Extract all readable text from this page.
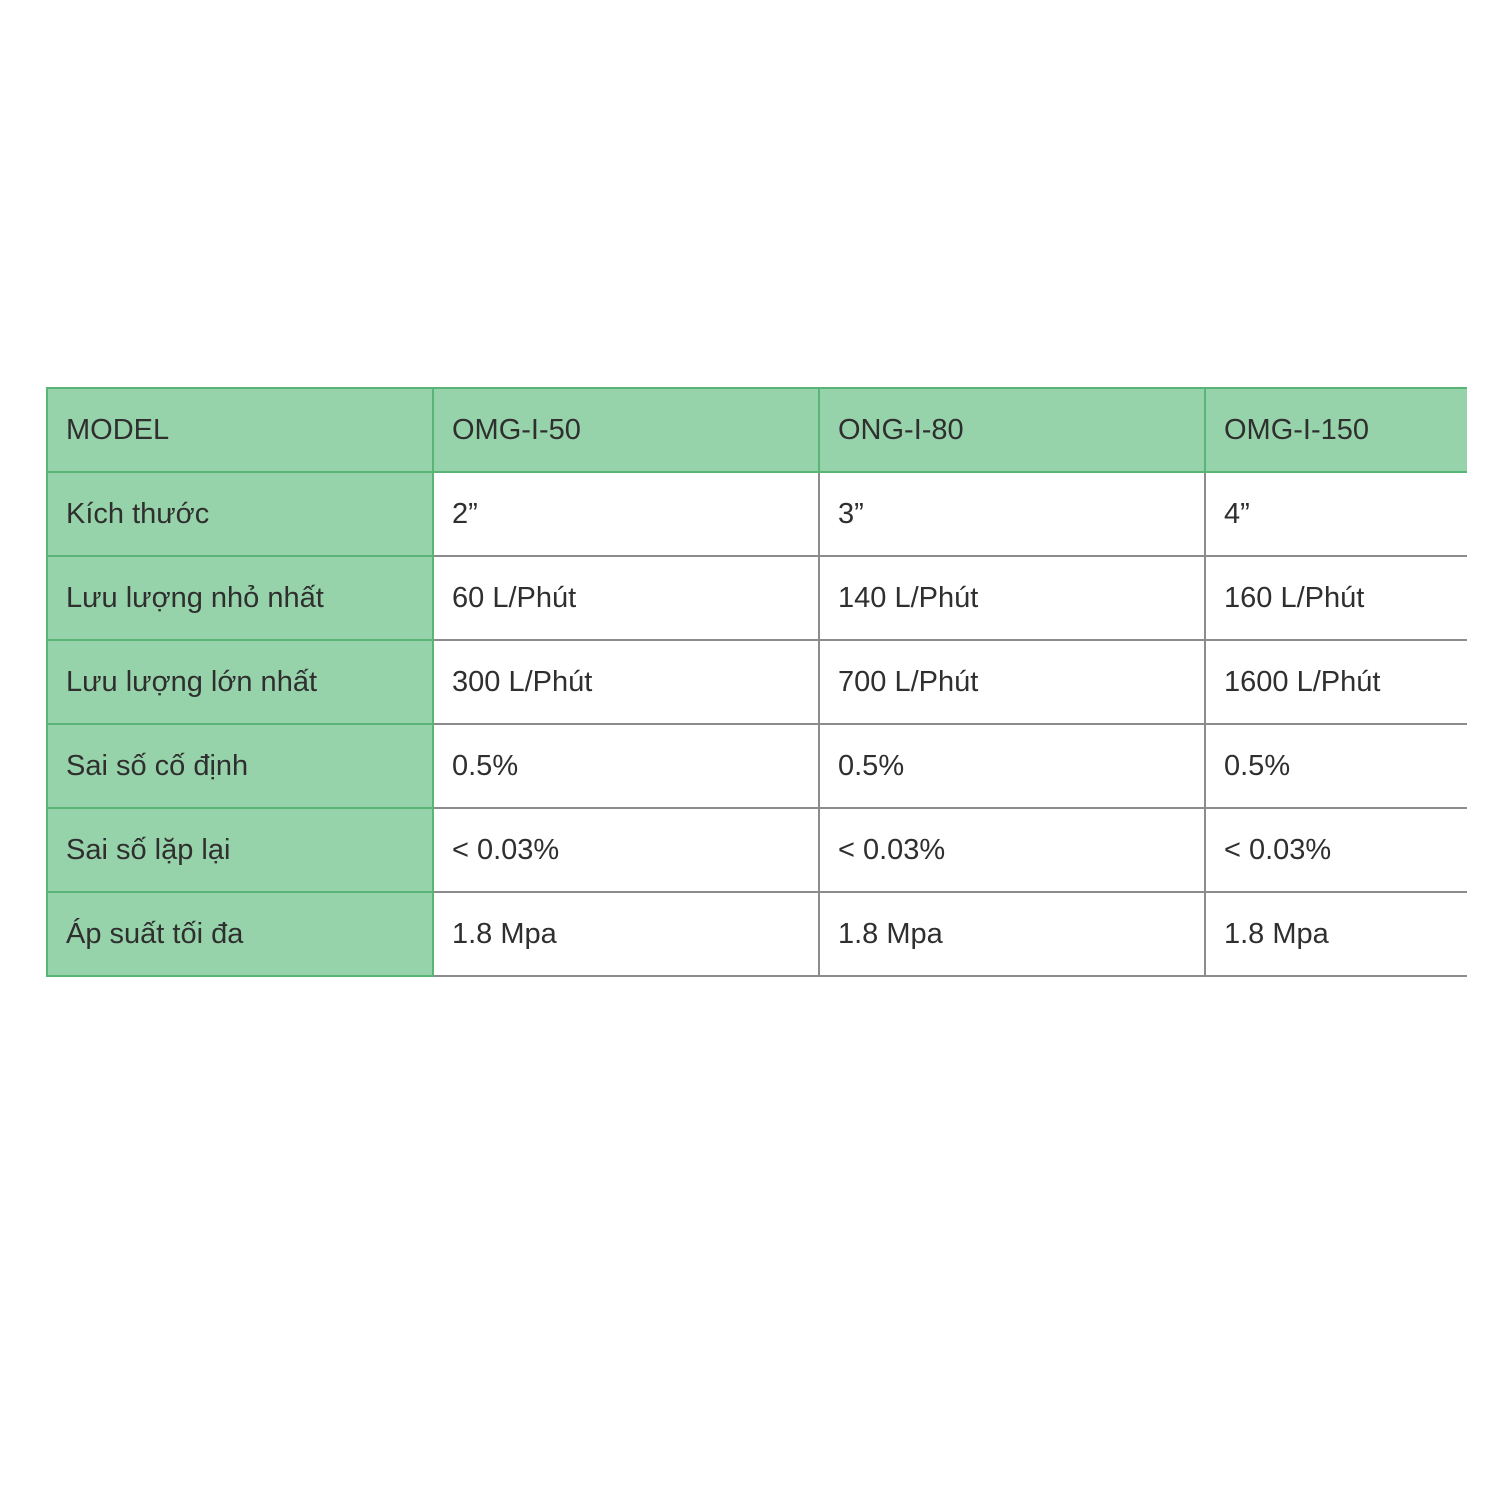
MODEL	OMG-I-50	ONG-I-80	OMG-I-150
Kích thước	2”	3”	4”
Lưu lượng nhỏ nhất	60 L/Phút	140 L/Phút	160 L/Phút
Lưu lượng lớn nhất	300 L/Phút	700 L/Phút	1600 L/Phút
Sai số cố định	0.5%	0.5%	0.5%
Sai số lặp lại	< 0.03%	< 0.03%	< 0.03%
Áp suất tối đa	1.8 Mpa	1.8 Mpa	1.8 Mpa
